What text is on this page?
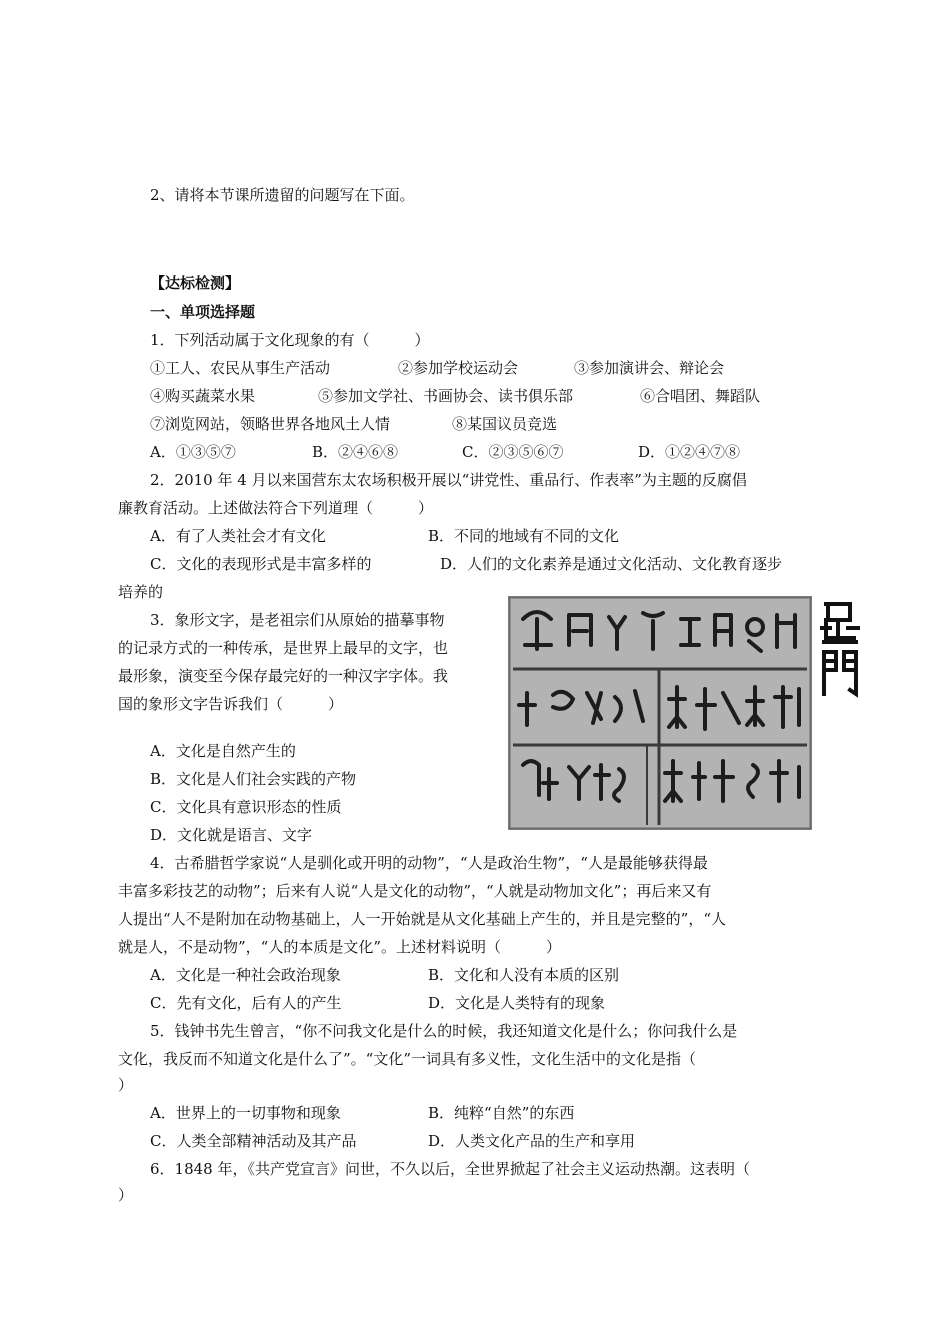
2、请将本节课所遗留的问题写在下面。
【达标检测】
一、单项选择题
1．下列活动属于文化现象的有（　　　）
①工人、农民从事生产活动	②参加学校运动会	③参加演讲会、辩论会
④购买蔬菜水果	⑤参加文学社、书画协会、读书俱乐部	⑥合唱团、舞蹈队
⑦浏览网站，领略世界各地风土人情	⑧某国议员竞选
A．①③⑤⑦	B．②④⑥⑧	C．②③⑤⑥⑦	D．①②④⑦⑧
2．2010 年 4 月以来国营东太农场积极开展以“讲党性、重品行、作表率”为主题的反腐倡
廉教育活动。上述做法符合下列道理（　　　）
A．有了人类社会才有文化	B．不同的地域有不同的文化
C．文化的表现形式是丰富多样的	D．人们的文化素养是通过文化活动、文化教育逐步
培养的
3．象形文字，是老祖宗们从原始的描摹事物
的记录方式的一种传承，是世界上最早的文字，也
最形象，演变至今保存最完好的一种汉字字体。我
国的象形文字告诉我们（　　　）
A．文化是自然产生的
B．文化是人们社会实践的产物
C．文化具有意识形态的性质
D．文化就是语言、文字
4．古希腊哲学家说“人是驯化或开明的动物”，“人是政治生物”，“人是最能够获得最
丰富多彩技艺的动物”；后来有人说“人是文化的动物”，“人就是动物加文化”；再后来又有
人提出“人不是附加在动物基础上，人一开始就是从文化基础上产生的，并且是完整的”，“人
就是人，不是动物”，“人的本质是文化”。上述材料说明（　　　）
A．文化是一种社会政治现象	B．文化和人没有本质的区别
C．先有文化，后有人的产生	D．文化是人类特有的现象
5．钱钟书先生曾言，“你不问我文化是什么的时候，我还知道文化是什么；你问我什么是
文化，我反而不知道文化是什么了”。“文化”一词具有多义性，文化生活中的文化是指（
）
A．世界上的一切事物和现象	B．纯粹“自然”的东西
C．人类全部精神活动及其产品	D．人类文化产品的生产和享用
6．1848 年，《共产党宣言》问世，不久以后，全世界掀起了社会主义运动热潮。这表明（
）
